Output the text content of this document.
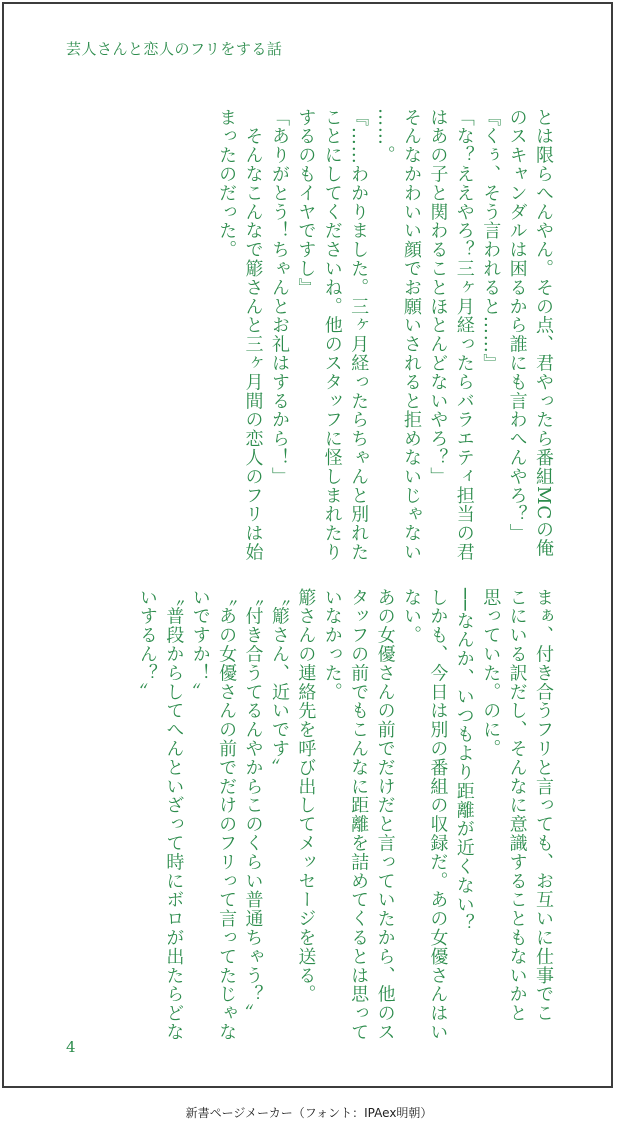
芸人さんと恋人のフリをする話

とは限らへんやん。その点、君やったら番組MCの俺

のスキャンダルは困るから誰にも言わへんやろ？」

『くぅ、そう言われると……』

「な？ええやろ？三ヶ月経ったらバラエティ担当の君

はあの子と関わることほとんどないやろ？」

そんなかわいい顔でお願いされると拒めないじゃない

……。

『……わかりました。三ヶ月経ったらちゃんと別れた

ことにしてくださいね。他のスタッフに怪しまれたり

するのもイヤですし』

「ありがとう！ちゃんとお礼はするから！」

　そんなこんなで簓さんと三ヶ月間の恋人のフリは始

まったのだった。

まぁ、付き合うフリと言っても、お互いに仕事でこ

こにいる訳だし、そんなに意識することもないかと

思っていた。のに。

──なんか、いつもより距離が近くない？

しかも、今日は別の番組の収録だ。あの女優さんはい

ない。

あの女優さんの前でだけだと言っていたから、他のス

タッフの前でもこんなに距離を詰めてくるとは思って

いなかった。

簓さんの連絡先を呼び出してメッセージを送る。

〝簓さん、近いです〟

〝付き合うてるんやからこのくらい普通ちゃう？〟

〝あの女優さんの前でだけのフリって言ってたじゃな

いですか！〟

〝普段からしてへんといざって時にボロが出たらどな

いするん？〟

4
新書ページメーカー（フォント：IPAex明朝）
